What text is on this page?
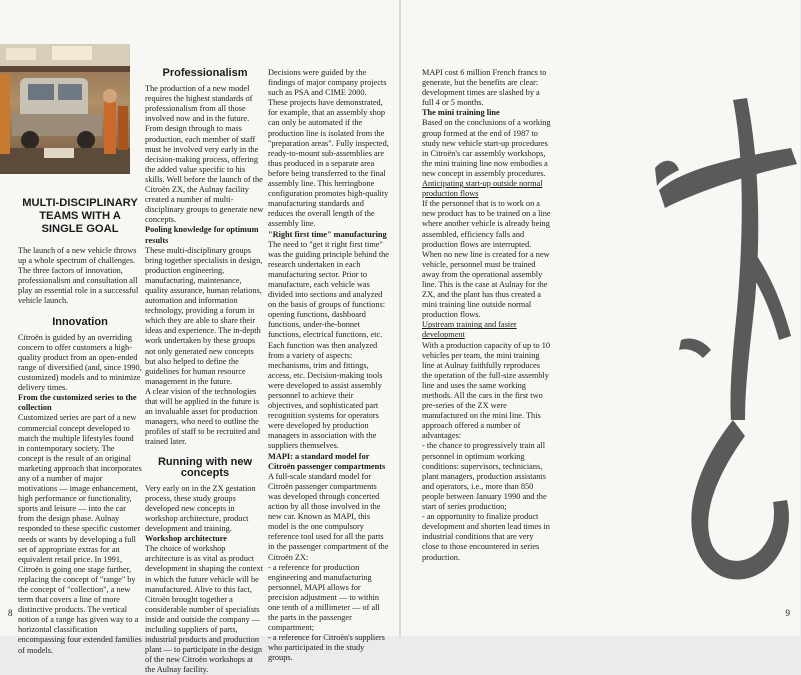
MULTI-DISCIPLINARY TEAMS WITH A SINGLE GOAL

The launch of a new vehicle throws up a whole spectrum of challenges. The three factors of innovation, professionalism and consultation all play an essential role in a successful vehicle launch.

Innovation

Citroën is guided by an overriding concern to offer customers a high-quality product from an open-ended range of diversified (and, since 1990, customized) models and to minimize delivery times.

From the customized series to the collection

Customized series are part of a new commercial concept developed to match the multiple lifestyles found in contemporary society. The concept is the result of an original marketing approach that incorporates any of a number of major motivations — image enhancement, high performance or functionality, sports and leisure — into the car from the design phase. Aulnay responded to these specific customer needs or wants by developing a full set of appropriate extras for an equivalent retail price. In 1991, Citroën is going one stage further, replacing the concept of "range" by the concept of "collection", a new term that covers a line of more distinctive products. The vertical notion of a range has given way to a horizontal classification encompassing four extended families of models.

Professionalism

The production of a new model requires the highest standards of professionalism from all those involved now and in the future. From design through to mass production, each member of staff must be involved very early in the decision-making process, offering the added value specific to his skills. Well before the launch of the Citroën ZX, the Aulnay facility created a number of multi-disciplinary groups to generate new concepts.

Pooling knowledge for optimum results

These multi-disciplinary groups bring together specialists in design, production engineering, manufacturing, maintenance, quality assurance, human relations, automation and information technology, providing a forum in which they are able to share their ideas and experience. The in-depth work undertaken by these groups not only generated new concepts but also helped to define the guidelines for human resource management in the future.

A clear vision of the technologies that will be applied in the future is an invaluable asset for production managers, who need to outline the profiles of staff to be recruited and trained later.

Running with new concepts

Very early on in the ZX gestation process, these study groups developed new concepts in workshop architecture, product development and training.

Workshop architecture

The choice of workshop architecture is as vital as product development in shaping the context in which the future vehicle will be manufactured. Alive to this fact, Citroën brought together a considerable number of specialists inside and outside the company — including suppliers of parts, industrial products and production plant — to participate in the design of the new Citroën workshops at the Aulnay facility.

Decisions were guided by the findings of major company projects such as PSA and CIME 2000.

These projects have demonstrated, for example, that an assembly shop can only be automated if the production line is isolated from the "preparation areas". Fully inspected, ready-to-mount sub-assemblies are thus produced in a separate area before being transferred to the final assembly line. This herringbone configuration promotes high-quality manufacturing standards and reduces the overall length of the assembly line.

"Right first time" manufacturing

The need to "get it right first time" was the guiding principle behind the research undertaken in each manufacturing sector. Prior to manufacture, each vehicle was divided into sections and analyzed on the basis of groups of functions: opening functions, dashboard functions, under-the-bonnet functions, electrical functions, etc.

Each function was then analyzed from a variety of aspects: mechanisms, trim and fittings, access, etc. Decision-making tools were developed to assist assembly personnel to achieve their objectives, and sophisticated part recognition systems for operators were developed by production managers in association with the suppliers themselves.

MAPI: a standard model for Citroën passenger compartments

A full-scale standard model for Citroën passenger compartments was developed through concerted action by all those involved in the new car. Known as MAPI, this model is the one compulsory reference tool used for all the parts in the passenger compartment of the Citroën ZX:

- a reference for production engineering and manufacturing personnel, MAPI allows for precision adjustment — to within one tenth of a millimeter — of all the parts in the passenger compartment;

- a reference for Citroën's suppliers who participated in the study groups.

8

MAPI cost 6 million French francs to generate, but the benefits are clear: development times are slashed by a full 4 or 5 months.

The mini training line

Based on the conclusions of a working group formed at the end of 1987 to study new vehicle start-up procedures in Citroën's car assembly workshops, the mini training line now embodies a new concept in assembly procedures.

Anticipating start-up outside normal production flows

If the personnel that is to work on a new product has to be trained on a line where another vehicle is already being assembled, efficiency falls and production flows are interrupted. When no new line is created for a new vehicle, personnel must be trained away from the operational assembly line. This is the case at Aulnay for the ZX, and the plant has thus created a mini training line outside normal production flows.

Upstream training and faster development

With a production capacity of up to 10 vehicles per team, the mini training line at Aulnay faithfully reproduces the operation of the full-size assembly line and uses the same working methods. All the cars in the first two pre-series of the ZX were manufactured on the mini line. This approach offered a number of advantages:

- the chance to progressively train all personnel in optimum working conditions: supervisors, technicians, plant managers, production assistants and operators, i.e., more than 850 people between January 1990 and the start of series production;

- an opportunity to finalize product development and shorten lead times in industrial conditions that are very close to those encountered in series production.

9
